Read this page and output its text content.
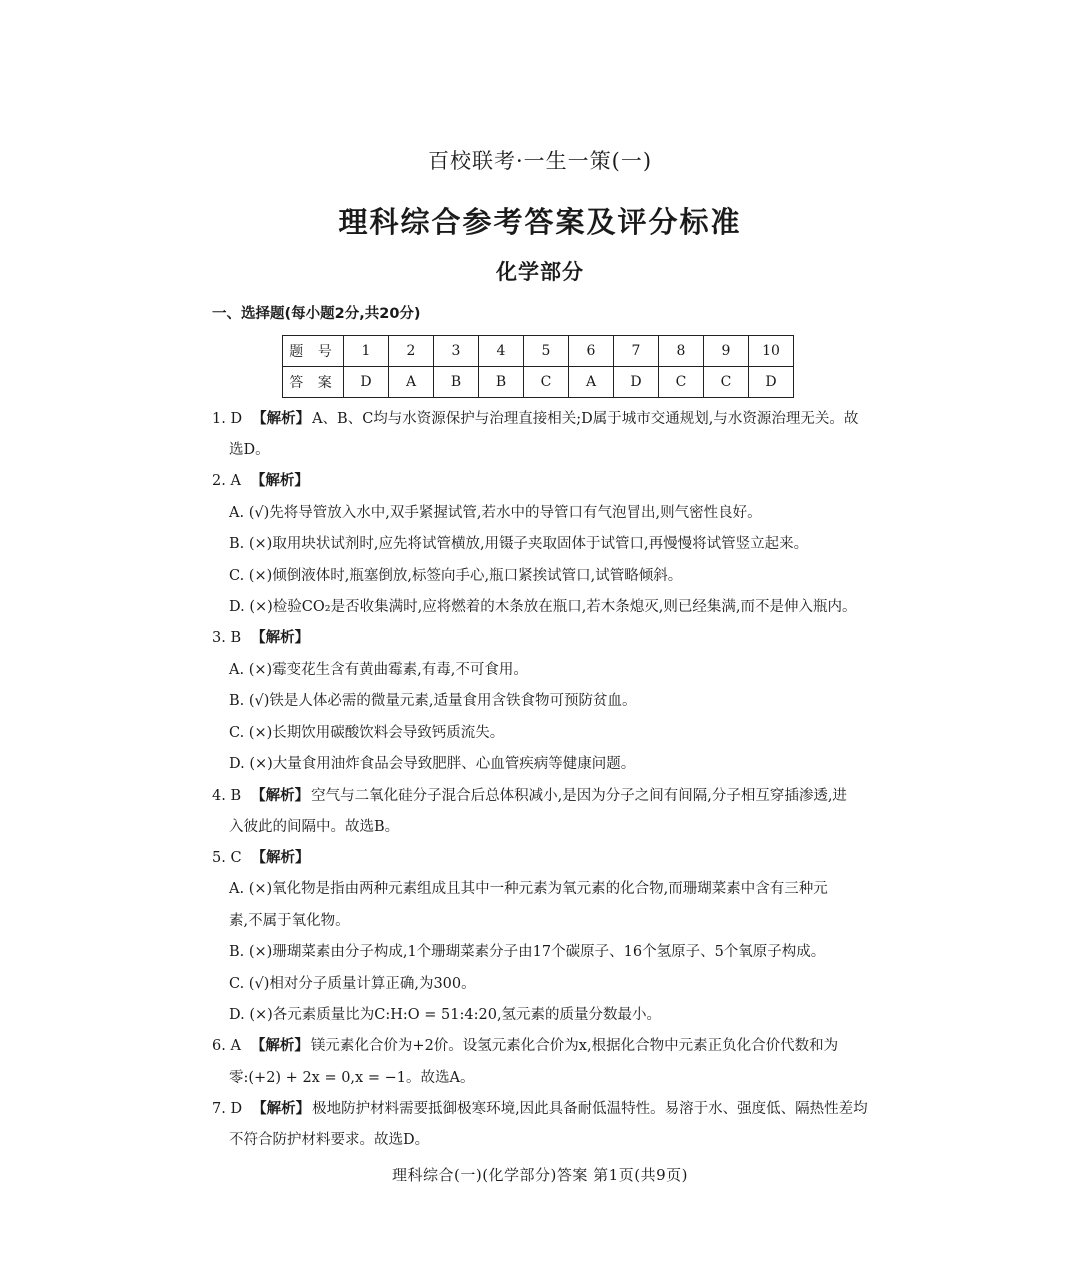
百校联考·一生一策(一)
理科综合参考答案及评分标准
化学部分
一、选择题(每小题2分,共20分)
题 号	1	2	3	4	5	6	7	8	9	10
答 案	D	A	B	B	C	A	D	C	C	D
1. D 【解析】 A、B、C均与水资源保护与治理直接相关;D属于城市交通规划,与水资源治理无关。故
选D。
2. A 【解析】
A. (√)先将导管放入水中,双手紧握试管,若水中的导管口有气泡冒出,则气密性良好。
B. (×)取用块状试剂时,应先将试管横放,用镊子夹取固体于试管口,再慢慢将试管竖立起来。
C. (×)倾倒液体时,瓶塞倒放,标签向手心,瓶口紧挨试管口,试管略倾斜。
D. (×)检验CO₂是否收集满时,应将燃着的木条放在瓶口,若木条熄灭,则已经集满,而不是伸入瓶内。
3. B 【解析】
A. (×)霉变花生含有黄曲霉素,有毒,不可食用。
B. (√)铁是人体必需的微量元素,适量食用含铁食物可预防贫血。
C. (×)长期饮用碳酸饮料会导致钙质流失。
D. (×)大量食用油炸食品会导致肥胖、心血管疾病等健康问题。
4. B 【解析】 空气与二氧化硅分子混合后总体积减小,是因为分子之间有间隔,分子相互穿插渗透,进
入彼此的间隔中。故选B。
5. C 【解析】
A. (×)氧化物是指由两种元素组成且其中一种元素为氧元素的化合物,而珊瑚菜素中含有三种元
素,不属于氧化物。
B. (×)珊瑚菜素由分子构成,1个珊瑚菜素分子由17个碳原子、16个氢原子、5个氧原子构成。
C. (√)相对分子质量计算正确,为300。
D. (×)各元素质量比为C:H:O = 51:4:20,氢元素的质量分数最小。
6. A 【解析】 镁元素化合价为+2价。设氢元素化合价为x,根据化合物中元素正负化合价代数和为
零:(+2) + 2x = 0,x = −1。故选A。
7. D 【解析】 极地防护材料需要抵御极寒环境,因此具备耐低温特性。易溶于水、强度低、隔热性差均
不符合防护材料要求。故选D。
理科综合(一)(化学部分)答案 第1页(共9页)
